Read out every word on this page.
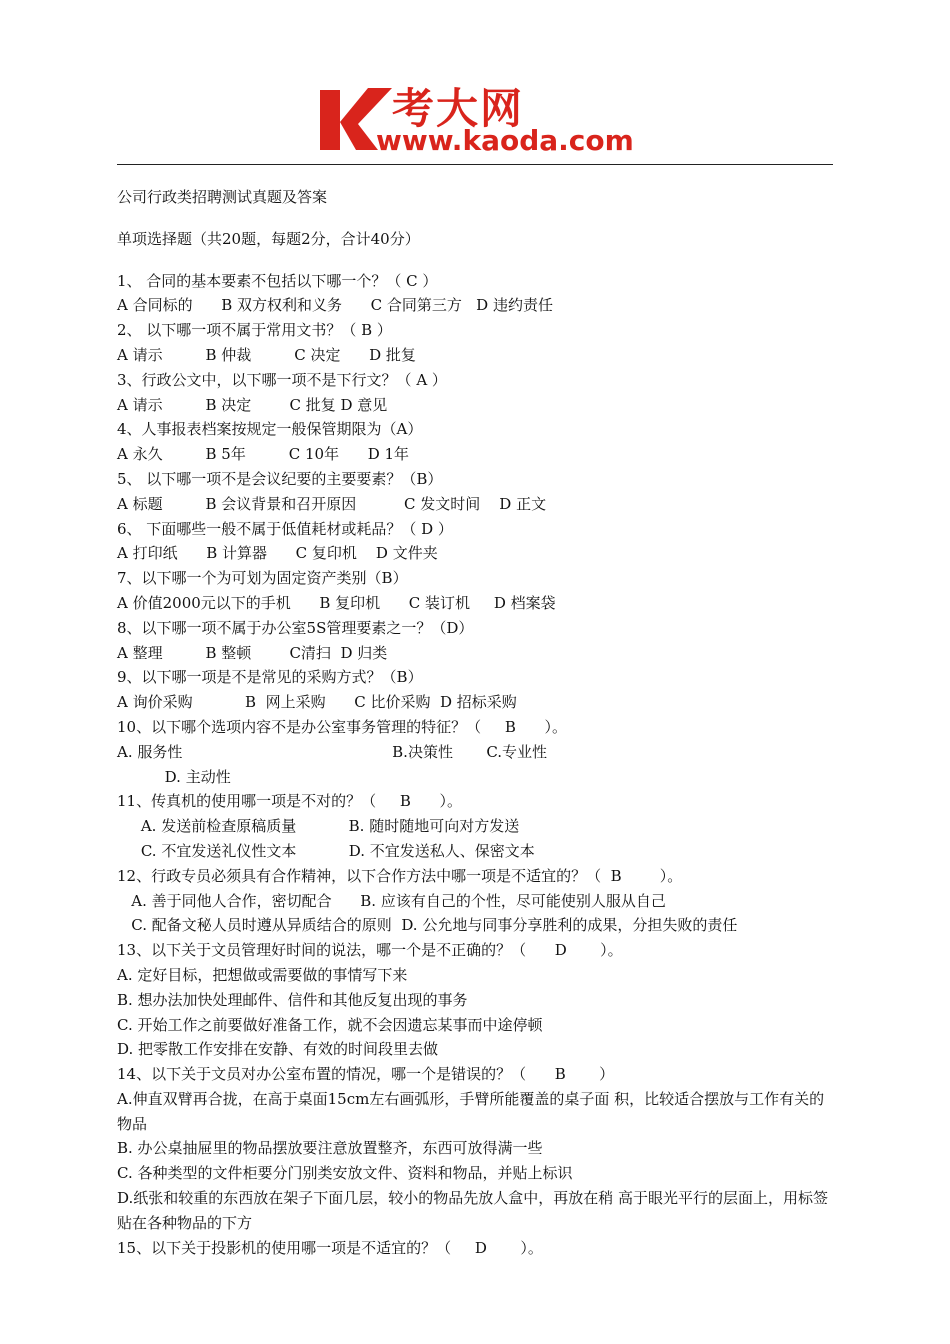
考大网
www.kaoda.com

公司行政类招聘测试真题及答案

单项选择题（共20题，每题2分，合计40分）

1、 合同的基本要素不包括以下哪一个？（ C ）

A 合同标的      B 双方权利和义务      C 合同第三方   D 违约责任

2、 以下哪一项不属于常用文书？（ B ）

A 请示         B 仲裁         C 决定      D 批复

3、行政公文中，以下哪一项不是下行文？（ A ）

A 请示         B 决定        C 批复 D 意见

4、人事报表档案按规定一般保管期限为（A）

A 永久         B 5年         C 10年      D 1年

5、 以下哪一项不是会议纪要的主要要素？（B）

A 标题         B 会议背景和召开原因          C 发文时间    D 正文

6、 下面哪些一般不属于低值耗材或耗品？（ D ）

A 打印纸      B 计算器      C 复印机    D 文件夹

7、以下哪一个为可划为固定资产类别（B）

A 价值2000元以下的手机      B 复印机      C 装订机     D 档案袋

8、以下哪一项不属于办公室5S管理要素之一？（D）

A 整理         B 整顿        C清扫  D 归类

9、以下哪一项是不是常见的采购方式？（B）

A 询价采购           B  网上采购      C 比价采购  D 招标采购

10、以下哪个选项内容不是办公室事务管理的特征？（     B      ）。

A. 服务性                                            B.决策性       C.专业性

D. 主动性

11、传真机的使用哪一项是不对的？（     B      ）。

A. 发送前检查原稿质量           B. 随时随地可向对方发送

C. 不宜发送礼仪性文本           D. 不宜发送私人、保密文本

12、行政专员必须具有合作精神，以下合作方法中哪一项是不适宜的？（  B        ）。

A. 善于同他人合作，密切配合      B. 应该有自己的个性，尽可能使别人服从自己

C. 配备文秘人员时遵从异质结合的原则  D. 公允地与同事分享胜利的成果，分担失败的责任

13、以下关于文员管理好时间的说法，哪一个是不正确的？（      D       ）。

A. 定好目标，把想做或需要做的事情写下来

B. 想办法加快处理邮件、信件和其他反复出现的事务

C. 开始工作之前要做好准备工作，就不会因遗忘某事而中途停顿

D. 把零散工作安排在安静、有效的时间段里去做

14、以下关于文员对办公室布置的情况，哪一个是错误的？（      B       ）

A.伸直双臂再合拢，在高于桌面15cm左右画弧形，手臂所能覆盖的桌子面 积，比较适合摆放与工作有关的物品

B. 办公桌抽屉里的物品摆放要注意放置整齐，东西可放得满一些

C. 各种类型的文件柜要分门别类安放文件、资料和物品，并贴上标识

D.纸张和较重的东西放在架子下面几层，较小的物品先放人盒中，再放在稍 高于眼光平行的层面上，用标签贴在各种物品的下方

15、以下关于投影机的使用哪一项是不适宜的？（     D       ）。
